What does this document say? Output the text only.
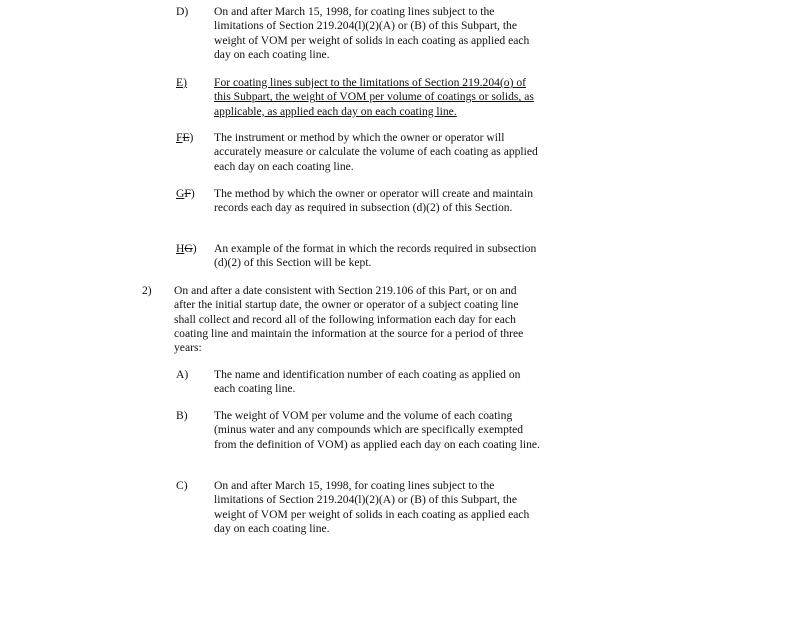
D) On and after March 15, 1998, for coating lines subject to the limitations of Section 219.204(l)(2)(A) or (B) of this Subpart, the weight of VOM per weight of solids in each coating as applied each day on each coating line.
E) For coating lines subject to the limitations of Section 219.204(o) of this Subpart, the weight of VOM per volume of coatings or solids, as applicable, as applied each day on each coating line.
FE) The instrument or method by which the owner or operator will accurately measure or calculate the volume of each coating as applied each day on each coating line.
GF) The method by which the owner or operator will create and maintain records each day as required in subsection (d)(2) of this Section.
HG) An example of the format in which the records required in subsection (d)(2) of this Section will be kept.
2) On and after a date consistent with Section 219.106 of this Part, or on and after the initial startup date, the owner or operator of a subject coating line shall collect and record all of the following information each day for each coating line and maintain the information at the source for a period of three years:
A) The name and identification number of each coating as applied on each coating line.
B) The weight of VOM per volume and the volume of each coating (minus water and any compounds which are specifically exempted from the definition of VOM) as applied each day on each coating line.
C) On and after March 15, 1998, for coating lines subject to the limitations of Section 219.204(l)(2)(A) or (B) of this Subpart, the weight of VOM per weight of solids in each coating as applied each day on each coating line.
